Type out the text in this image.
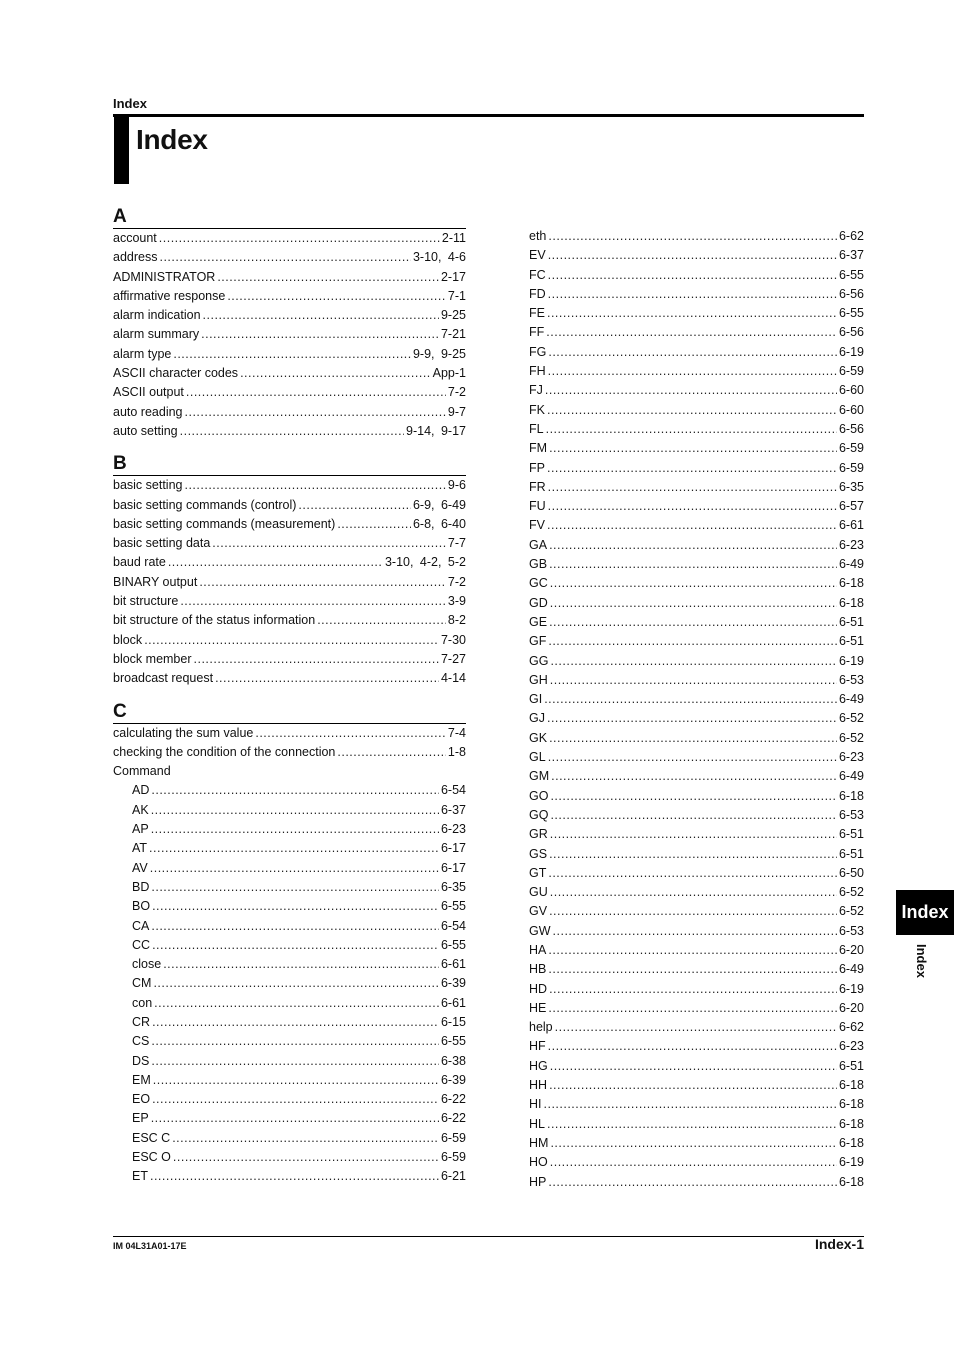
Index
Index
A
account .....	2-11
address .....	3-10, 4-6
ADMINISTRATOR .....	2-17
affirmative response .....	7-1
alarm indication .....	9-25
alarm summary .....	7-21
alarm type .....	9-9, 9-25
ASCII character codes .....	App-1
ASCII output .....	7-2
auto reading .....	9-7
auto setting .....	9-14, 9-17
B
basic setting .....	9-6
basic setting commands (control) .....	6-9, 6-49
basic setting commands (measurement) .....	6-8, 6-40
basic setting data .....	7-7
baud rate .....	3-10, 4-2, 5-2
BINARY output .....	7-2
bit structure .....	3-9
bit structure of the status information .....	8-2
block .....	7-30
block member .....	7-27
broadcast request .....	4-14
C
calculating the sum value .....	7-4
checking the condition of the connection .....	1-8
Command
AD .....	6-54
AK .....	6-37
AP .....	6-23
AT .....	6-17
AV .....	6-17
BD .....	6-35
BO .....	6-55
CA .....	6-54
CC .....	6-55
close .....	6-61
CM .....	6-39
con .....	6-61
CR .....	6-15
CS .....	6-55
DS .....	6-38
EM .....	6-39
EO .....	6-22
EP .....	6-22
ESC C .....	6-59
ESC O .....	6-59
ET .....	6-21
eth .....	6-62
EV .....	6-37
FC .....	6-55
FD .....	6-56
FE .....	6-55
FF .....	6-56
FG .....	6-19
FH .....	6-59
FJ .....	6-60
FK .....	6-60
FL .....	6-56
FM .....	6-59
FP .....	6-59
FR .....	6-35
FU .....	6-57
FV .....	6-61
GA .....	6-23
GB .....	6-49
GC .....	6-18
GD .....	6-18
GE .....	6-51
GF .....	6-51
GG .....	6-19
GH .....	6-53
GI .....	6-49
GJ .....	6-52
GK .....	6-52
GL .....	6-23
GM .....	6-49
GO .....	6-18
GQ .....	6-53
GR .....	6-51
GS .....	6-51
GT .....	6-50
GU .....	6-52
GV .....	6-52
GW .....	6-53
HA .....	6-20
HB .....	6-49
HD .....	6-19
HE .....	6-20
help .....	6-62
HF .....	6-23
HG .....	6-51
HH .....	6-18
HI .....	6-18
HL .....	6-18
HM .....	6-18
HO .....	6-19
HP .....	6-18
Index
Index
IM 04L31A01-17E	Index-1
